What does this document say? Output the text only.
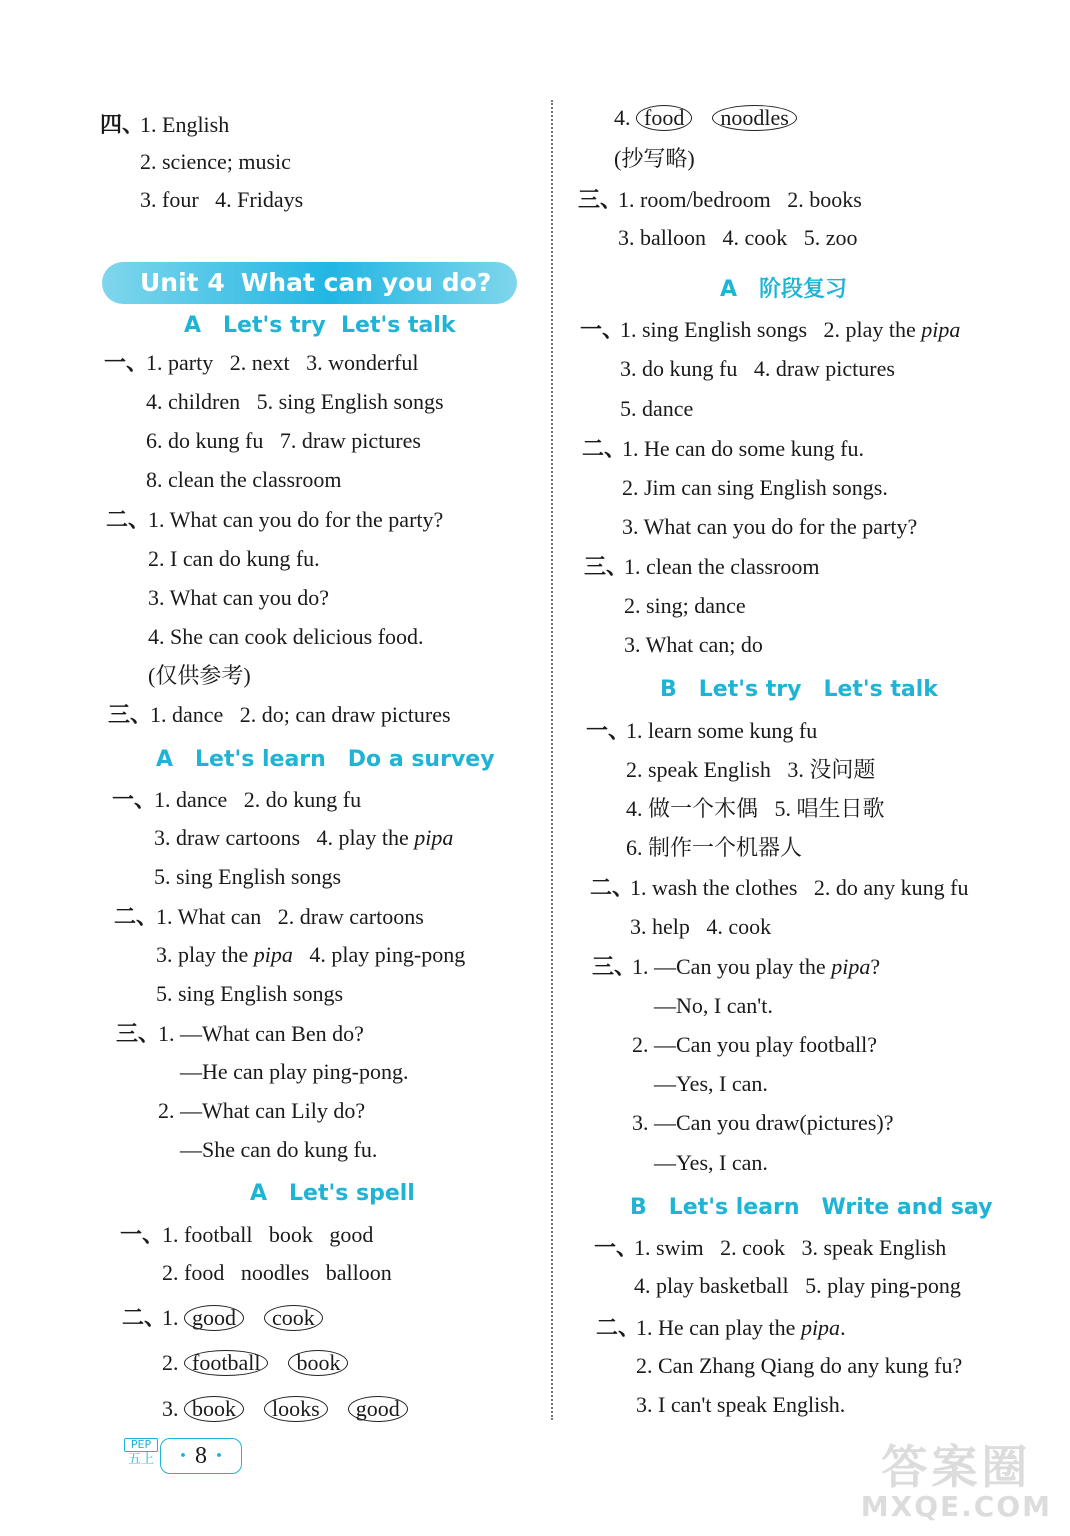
四、
1. English
2. science; music
3. four   4. Fridays
Unit 4 What can you do?
A Let's try  Let's talk
一、
1. party   2. next   3. wonderful
4. children   5. sing English songs
6. do kung fu   7. draw pictures
8. clean the classroom
二、
1. What can you do for the party?
2. I can do kung fu.
3. What can you do?
4. She can cook delicious food.
(仅供参考)
三、
1. dance   2. do; can draw pictures
A Let's learn Do a survey
一、
1. dance   2. do kung fu
3. draw cartoons   4. play the pipa
5. sing English songs
二、
1. What can   2. draw cartoons
3. play the pipa   4. play ping-pong
5. sing English songs
三、
1. —What can Ben do?
—He can play ping-pong.
2. —What can Lily do?
—She can do kung fu.
A Let's spell
一、
1. football   book   good
2. food   noodles   balloon
二、
1. good cook
2. football book
3. book looks good
4. food noodles
(抄写略)
三、
1. room/bedroom   2. books
3. balloon   4. cook   5. zoo
A 阶段复习
一、
1. sing English songs   2. play the pipa
3. do kung fu   4. draw pictures
5. dance
二、
1. He can do some kung fu.
2. Jim can sing English songs.
3. What can you do for the party?
三、
1. clean the classroom
2. sing; dance
3. What can; do
B Let's try Let's talk
一、
1. learn some kung fu
2. speak English   3. 没问题
4. 做一个木偶   5. 唱生日歌
6. 制作一个机器人
二、
1. wash the clothes   2. do any kung fu
3. help   4. cook
三、
1. —Can you play the pipa?
—No, I can't.
2. —Can you play football?
—Yes, I can.
3. —Can you draw(pictures)?
—Yes, I can.
B Let's learn Write and say
一、
1. swim   2. cook   3. speak English
4. play basketball   5. play ping-pong
二、
1. He can play the pipa.
2. Can Zhang Qiang do any kung fu?
3. I can't speak English.
PEP
五上	· 8 ·	答案圈
MXQE.COM
